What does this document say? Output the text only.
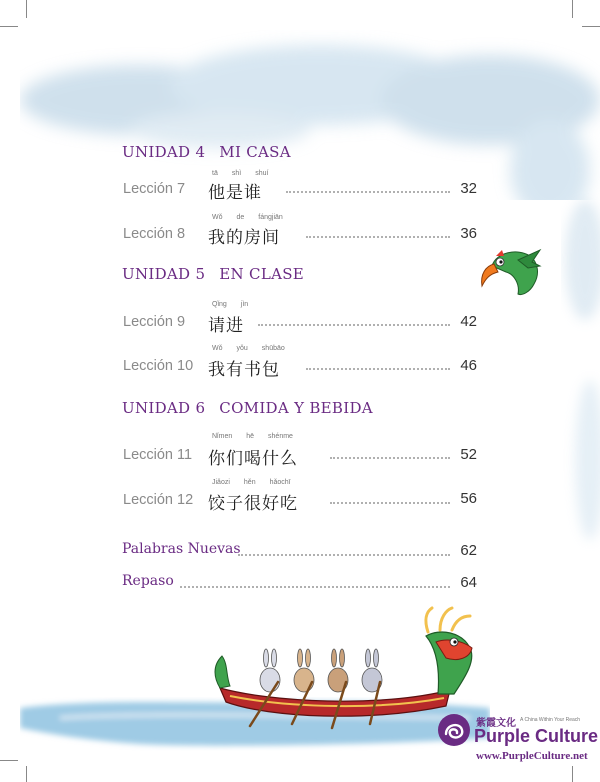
UNIDAD 4 MI CASA
tā shì shuí
Lección 7 他是谁	32
Wǒ de fángjiān
Lección 8 我的房间	36
UNIDAD 5 EN CLASE
Qǐng jìn
Lección 9 请进	42
Wǒ yǒu shūbāo
Lección 10 我有书包	46
UNIDAD 6 COMIDA Y BEBIDA
Nǐmen hē shénme
Lección 11 你们喝什么	52
Jiǎozi hěn hǎochī
Lección 12 饺子很好吃	56
Palabras Nuevas	62
Repaso	64
紫霞文化 A China Within Your Reach
Purple Culture
www.PurpleCulture.net
